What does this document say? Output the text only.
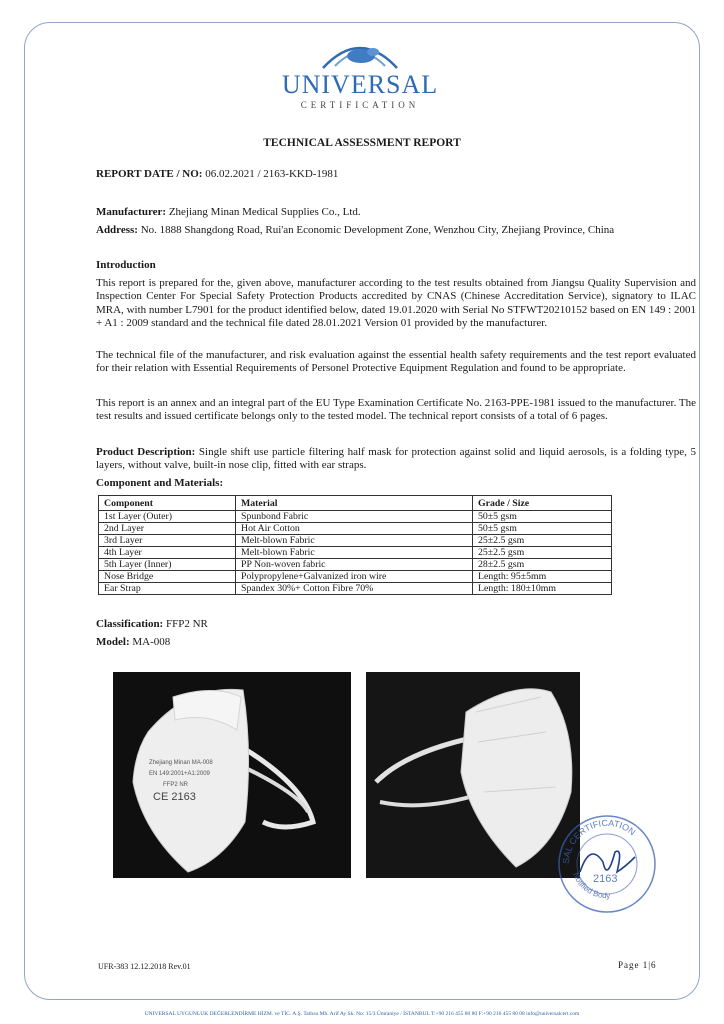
UNIVERSAL
CERTIFICATION
TECHNICAL ASSESSMENT REPORT
REPORT DATE / NO: 06.02.2021 / 2163-KKD-1981
Manufacturer: Zhejiang Minan Medical Supplies Co., Ltd.
Address: No. 1888 Shangdong Road, Rui'an Economic Development Zone, Wenzhou City, Zhejiang Province, China
Introduction
This report is prepared for the, given above, manufacturer according to the test results obtained from Jiangsu Quality Supervision and Inspection Center For Special Safety Protection Products accredited by CNAS (Chinese Accreditation Service), signatory to ILAC MRA, with number L7901 for the product identified below, dated 19.01.2020 with Serial No STFWT20210152 based on EN 149 : 2001 + A1 : 2009 standard and the technical file dated 28.01.2021 Version 01 provided by the manufacturer.
The technical file of the manufacturer, and risk evaluation against the essential health safety requirements and the test report evaluated for their relation with Essential Requirements of Personel Protective Equipment Regulation and found to be appropriate.
This report is an annex and an integral part of the EU Type Examination Certificate No. 2163-PPE-1981 issued to the manufacturer. The test results and issued certificate belongs only to the tested model. The technical report consists of a total of 6 pages.
Product Description: Single shift use particle filtering half mask for protection against solid and liquid aerosols, is a folding type, 5 layers, without valve, built-in nose clip, fitted with ear straps.
Component and Materials:
Component	Material	Grade / Size
1st Layer (Outer)	Spunbond Fabric	50±5 gsm
2nd Layer	Hot Air Cotton	50±5 gsm
3rd Layer	Melt-blown Fabric	25±2.5 gsm
4th Layer	Melt-blown Fabric	25±2.5 gsm
5th Layer (Inner)	PP Non-woven fabric	28±2.5 gsm
Nose Bridge	Polypropylene+Galvanized iron wire	Length: 95±5mm
Ear Strap	Spandex 30%+ Cotton Fibre 70%	Length: 180±10mm
Classification: FFP2 NR
Model: MA-008
Zhejiang Minan MA-008
EN 149:2001+A1:2009
FFP2 NR
CE 2163
SAL CERTIFICATION
Notified Body
2163
UFR-383 12.12.2018 Rev.01	Page 1|6
UNIVERSAL UYGUNLUK DEĞERLENDİRME HİZM. ve TİC. A.Ş. Tatlısu Mh. Arif Ay Sk. No: 15/3 Ümraniye / İSTANBUL T:+90 216 455 80 80 F:+90 216 455 80 08 info@universalcert.com
